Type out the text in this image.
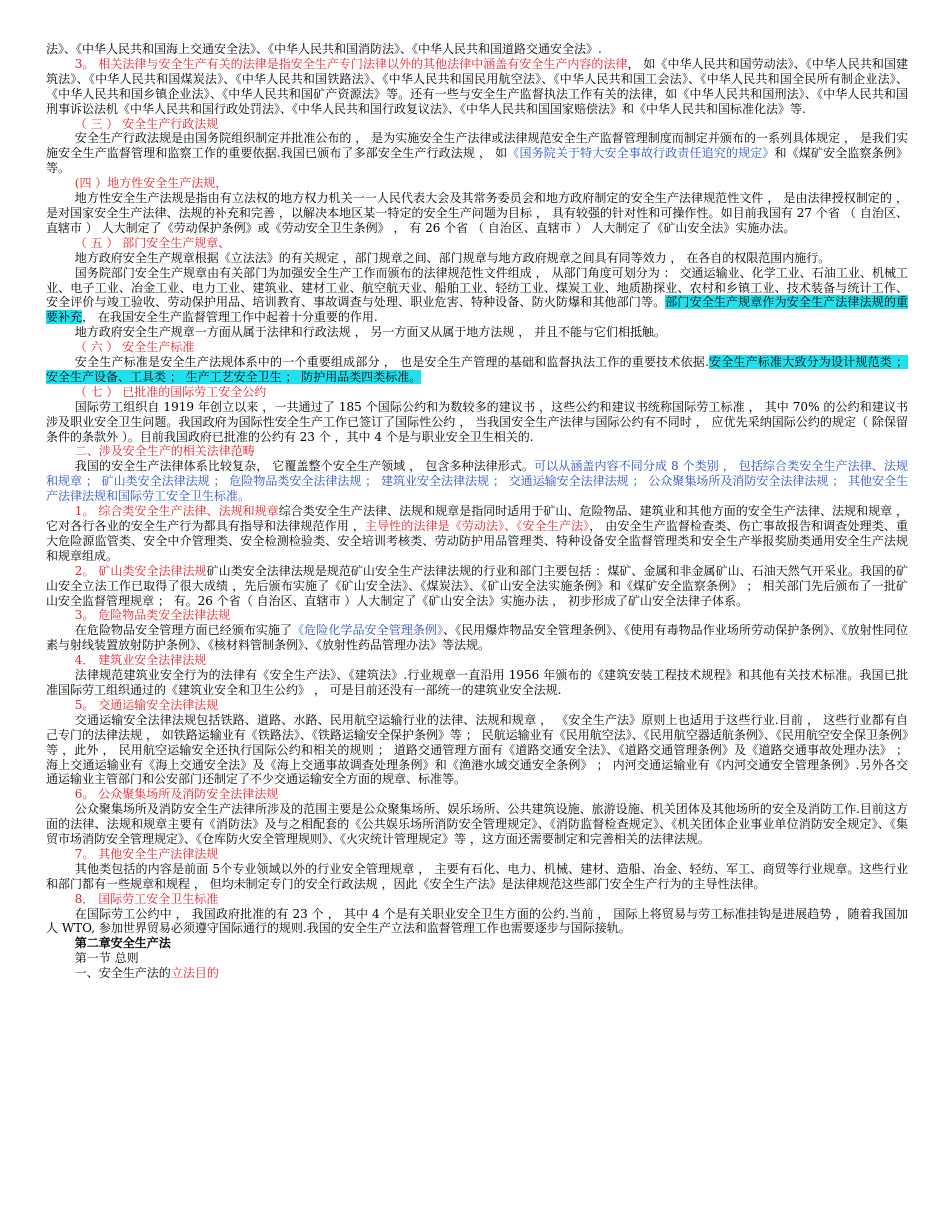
法》、《中华人民共和国海上交通安全法》、《中华人民共和国消防法》、《中华人民共和国道路交通安全法》.

3。 相关法律与安全生产有关的法律是指安全生产专门法律以外的其他法律中涵盖有安全生产内容的法律， 如《中华人民共和国劳动法》、《中华人民共和国建筑法》、《中华人民共和国煤炭法》、《中华人民共和国铁路法》、《中华人民共和国民用航空法》、《中华人民共和国工会法》、《中华人民共和国全民所有制企业法》、《中华人民共和国乡镇企业法》、《中华人民共和国矿产资源法》等。还有一些与安全生产监督执法工作有关的法律，如《中华人民共和国刑法》、《中华人民共和国刑事诉讼法机《中华人民共和国行政处罚法》、《中华人民共和国行政复议法》、《中华人民共和国国家赔偿法》和《中华人民共和国标准化法》等.

（ 三 ） 安全生产行政法规

安全生产行政法规是由国务院组织制定并批准公布的 ， 是为实施安全生产法律或法律规范安全生产监督管理制度而制定并颁布的一系列具体规定 ， 是我们实施安全生产监督管理和监察工作的重要依据.我国已颁布了多部安全生产行政法规 ， 如《国务院关于特大安全事故行政责任追究的规定》和《煤矿安全监察条例》等。

(四 ）地方性安全生产法规，

地方性安全生产法规是指由有立法权的地方权力机关一一人民代表大会及其常务委员会和地方政府制定的安全生产法律规范性文件 ， 是由法律授权制定的 ， 是对国家安全生产法律、法规的补充和完善 ，以解决本地区某一特定的安全生产问题为目标 ， 具有较强的针对性和可操作性。如目前我国有 27 个省 （ 自治区、直辖市 ） 人大制定了《劳动保护条例》或《劳动安全卫生条例》 ， 有 26 个省 （ 自治区、直辖市 ） 人大制定了《矿山安全法》实施办法。

（ 五 ） 部门安全生产规章、

地方政府安全生产规章根据《立法法》的有关规定 ，部门规章之间、部门规章与地方政府规章之间具有同等效力 ， 在各自的权限范围内施行。

国务院部门安全生产规章由有关部门为加强安全生产工作而颁布的法律规范性文件组成 ， 从部门角度可划分为 ： 交通运输业、化学工业、石油工业、机械工业、电子工业、冶金工业、电力工业、建筑业、建材工业、航空航天业、船舶工业、轻纺工业、煤炭工业、地质勘探业、农村和乡镇工业、技术装备与统计工作、安全评价与竣工验收、劳动保护用品、培训教育、事故调查与处理、职业危害、特种设备、防火防爆和其他部门等。部门安全生产规章作为安全生产法律法规的重要补充， 在我国安全生产监督管理工作中起着十分重要的作用.

地方政府安全生产规章一方面从属于法律和行政法规 ， 另一方面又从属于地方法规 ， 并且不能与它们相抵触。

（ 六 ） 安全生产标准

安全生产标准是安全生产法规体系中的一个重要组成部分 ， 也是安全生产管理的基础和监督执法工作的重要技术依据.安全生产标准大致分为设计规范类 ； 安全生产设备、工具类 ； 生产工艺安全卫生 ； 防护用品类四类标准。

（ 七 ） 已批准的国际劳工安全公约

国际劳工组织自 1919 年创立以来 ，一共通过了 185 个国际公约和为数较多的建议书 ，这些公约和建议书统称国际劳工标准 ， 其中 70% 的公约和建议书涉及职业安全卫生问题。我国政府为国际性安全生产工作已签订了国际性公约 ， 当我国安全生产法律与国际公约有不同时 ， 应优先采纳国际公约的规定（ 除保留条件的条款外 ）。目前我国政府已批准的公约有 23 个 ，其中 4 个是与职业安全卫生相关的.

二、涉及安全生产的相关法律范畴

我国的安全生产法律体系比较复杂， 它覆盖整个安全生产领域 ， 包含多种法律形式。可以从涵盖内容不同分成 8 个类别 ， 包括综合类安全生产法律、法规和规章 ； 矿山类安全法律法规 ； 危险物品类安全法律法规 ； 建筑业安全法律法规 ； 交通运输安全法律法规 ； 公众聚集场所及消防安全法律法规 ； 其他安全生产法律法规和国际劳工安全卫生标准。

1。 综合类安全生产法律、法规和规章综合类安全生产法律、法规和规章是指同时适用于矿山、危险物品、建筑业和其他方面的安全生产法律、法规和规章 ， 它对各行各业的安全生产行为都具有指导和法律规范作用 ，主导性的法律是《劳动法》、《安全生产法》， 由安全生产监督检查类、伤亡事故报告和调查处理类、重大危险源监管类、安全中介管理类、安全检测检验类、安全培训考核类、劳动防护用品管理类、特种设备安全监督管理类和安全生产举报奖励类通用安全生产法规和规章组成。

2。 矿山类安全法律法规矿山类安全法律法规是规范矿山安全生产法律法规的行业和部门主要包括 ：煤矿、金属和非金属矿山、石油天然气开采业。我国的矿山安全立法工作已取得了很大成绩 ，先后颁布实施了《矿山安全法》、《煤炭法》、《矿山安全法实施条例》和《煤矿安全监察条例》 ； 相关部门先后颁布了一批矿山安全监督管理规章 ； 有。26 个省（ 自治区、直辖市 ）人大制定了《矿山安全法》实施办法 ， 初步形成了矿山安全法律子体系。

3。 危险物品类安全法律法规

在危险物品安全管理方面已经颁布实施了《危险化学品安全管理条例》、《民用爆炸物品安全管理条例》、《使用有毒物品作业场所劳动保护条例》、《放射性同位素与射线装置放射防护条例》、《核材料管制条例》、《放射性药品管理办法》等法规。

4． 建筑业安全法律法规

法律规范建筑业安全行为的法律有《安全生产法》、《建筑法》.行业规章一直沿用 1956 年颁布的《建筑安装工程技术规程》和其他有关技术标准。我国已批准国际劳工组织通过的《建筑业安全和卫生公约》 ， 可是目前还没有一部统一的建筑业安全法规.

5。 交通运输安全法律法规

交通运输安全法律法规包括铁路、道路、水路、民用航空运输行业的法律、法规和规章 ， 《安全生产法》原则上也适用于这些行业.目前 ， 这些行业都有自己专门的法律法规 ， 如铁路运输业有《铁路法》、《铁路运输安全保护条例》等 ； 民航运输业有《民用航空法》、《民用航空器适航条例》、《民用航空安全保卫条例》等 ，此外 ， 民用航空运输安全还执行国际公约和相关的规则 ； 道路交通管理方面有《道路交通安全法》、《道路交通管理条例》及《道路交通事故处理办法》 ； 海上交通运输业有《海上交通安全法》及《海上交通事故调查处理条例》和《渔港水域交通安全条例》 ； 内河交通运输业有《内河交通安全管理条例》.另外各交通运输业主管部门和公安部门还制定了不少交通运输安全方面的规章、标准等。

6。 公众聚集场所及消防安全法律法规

公众聚集场所及消防安全生产法律所涉及的范围主要是公众聚集场所、娱乐场所、公共建筑设施、旅游设施、机关团体及其他场所的安全及消防工作.目前这方面的法律、法规和规章主要有《消防法》及与之相配套的《公共娱乐场所消防安全管理规定》、《消防监督检查规定》、《机关团体企业事业单位消防安全规定》、《集贸市场消防安全管理规定》、《仓库防火安全管理规则》、《火灾统计管理规定》等 ，这方面还需要制定和完善相关的法律法规。

7。 其他安全生产法律法规

其他类包括的内容是前面 5个专业领域以外的行业安全管理规章 ， 主要有石化、电力、机械、建材、造船、冶金、轻纺、军工、商贸等行业规章。这些行业和部门都有一些规章和规程 ， 但均未制定专门的安全行政法规 ，因此《安全生产法》是法律规范这些部门安全生产行为的主导性法律。

8． 国际劳工安全卫生标准

在国际劳工公约中 ， 我国政府批准的有 23 个 ， 其中 4 个是有关职业安全卫生方面的公约.当前 ， 国际上将贸易与劳工标准挂钩是进展趋势 ，随着我国加人 WTO, 参加世界贸易必须遵守国际通行的规则.我国的安全生产立法和监督管理工作也需要逐步与国际接轨。

第二章安全生产法

第一节 总则

一、安全生产法的立法目的
